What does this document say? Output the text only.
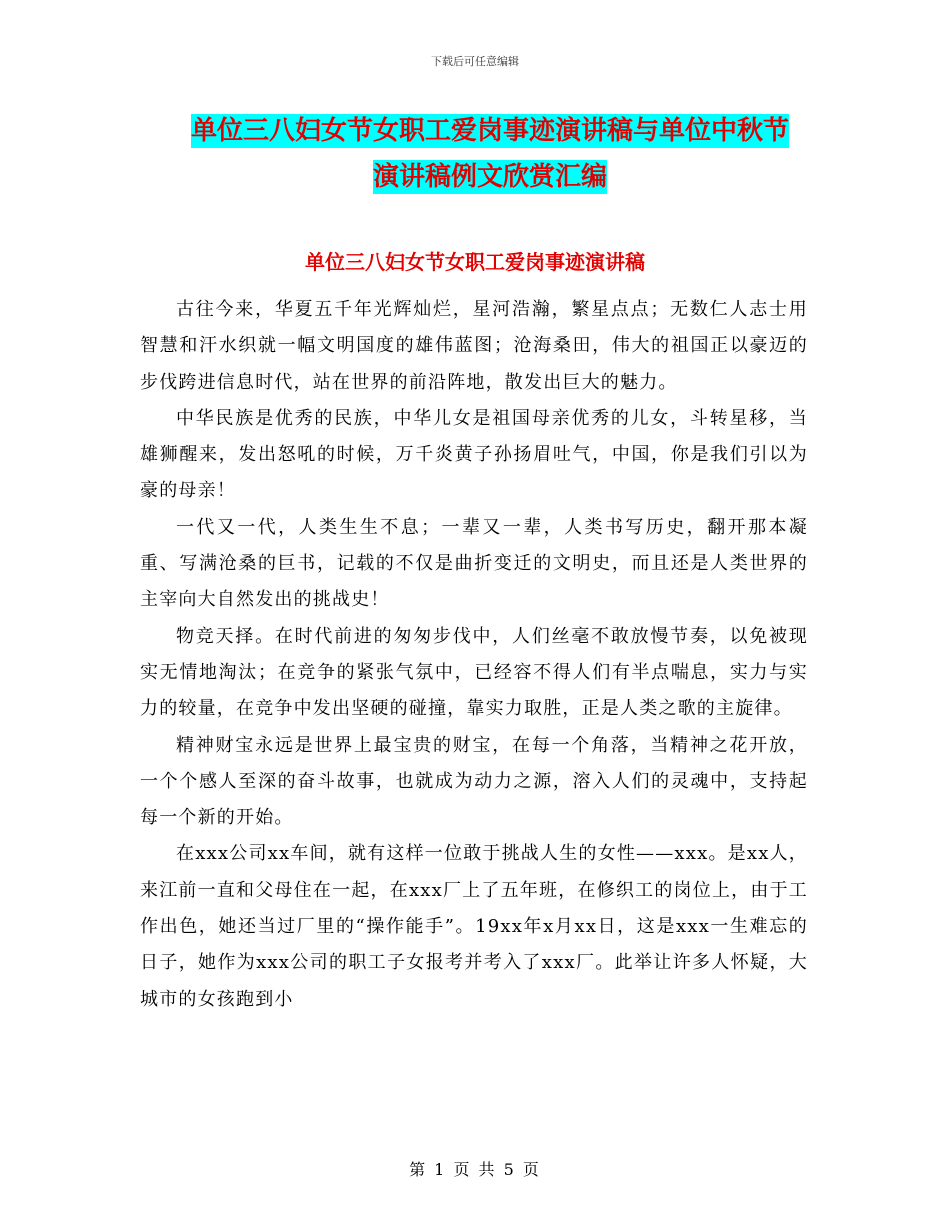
下载后可任意编辑
单位三八妇女节女职工爱岗事迹演讲稿与单位中秋节
演讲稿例文欣赏汇编
单位三八妇女节女职工爱岗事迹演讲稿

古往今来，华夏五千年光辉灿烂，星河浩瀚，繁星点点；无数仁人志士用智慧和汗水织就一幅文明国度的雄伟蓝图；沧海桑田，伟大的祖国正以豪迈的步伐跨进信息时代，站在世界的前沿阵地，散发出巨大的魅力。

中华民族是优秀的民族，中华儿女是祖国母亲优秀的儿女，斗转星移，当雄狮醒来，发出怒吼的时候，万千炎黄子孙扬眉吐气，中国，你是我们引以为豪的母亲！

一代又一代，人类生生不息；一辈又一辈，人类书写历史，翻开那本凝重、写满沧桑的巨书，记载的不仅是曲折变迁的文明史，而且还是人类世界的主宰向大自然发出的挑战史！

物竞天择。在时代前进的匆匆步伐中，人们丝毫不敢放慢节奏，以免被现实无情地淘汰；在竞争的紧张气氛中，已经容不得人们有半点喘息，实力与实力的较量，在竞争中发出坚硬的碰撞，靠实力取胜，正是人类之歌的主旋律。

精神财宝永远是世界上最宝贵的财宝，在每一个角落，当精神之花开放，一个个感人至深的奋斗故事，也就成为动力之源，溶入人们的灵魂中，支持起每一个新的开始。

在xxx公司xx车间，就有这样一位敢于挑战人生的女性——xxx。是xx人，来江前一直和父母住在一起，在xxx厂上了五年班，在修织工的岗位上，由于工作出色，她还当过厂里的“操作能手”。19xx年x月xx日，这是xxx一生难忘的日子，她作为xxx公司的职工子女报考并考入了xxx厂。此举让许多人怀疑，大城市的女孩跑到小

第 1 页 共 5 页
